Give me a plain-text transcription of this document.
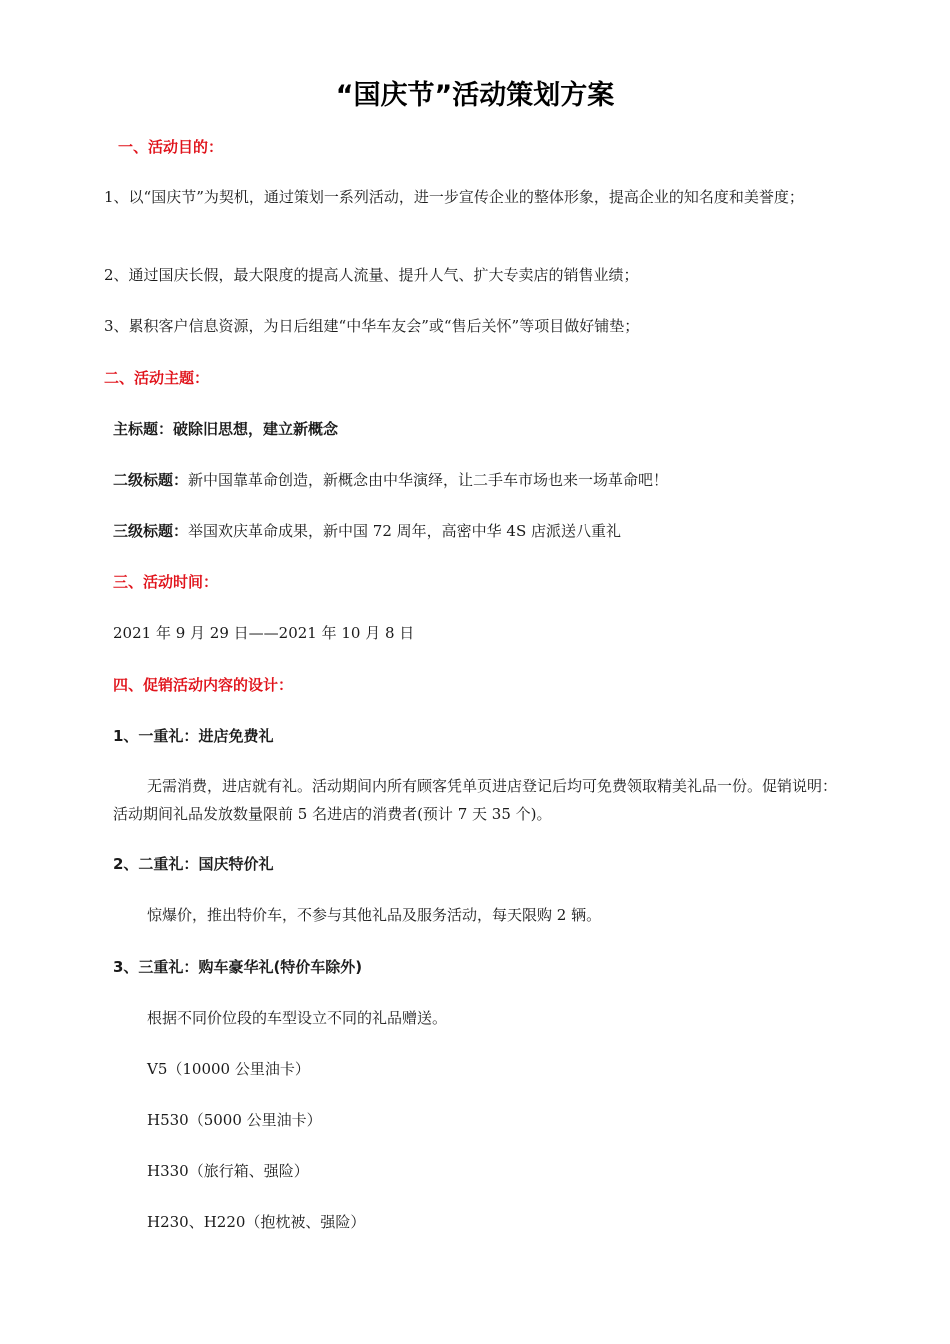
“国庆节”活动策划方案
一、活动目的：
1、以“国庆节”为契机，通过策划一系列活动，进一步宣传企业的整体形象，提高企业的知名度和美誉度；
2、通过国庆长假，最大限度的提高人流量、提升人气、扩大专卖店的销售业绩；
3、累积客户信息资源，为日后组建“中华车友会”或“售后关怀”等项目做好铺垫；
二、活动主题：
主标题：破除旧思想，建立新概念
二级标题：新中国靠革命创造，新概念由中华演绎，让二手车市场也来一场革命吧！
三级标题：举国欢庆革命成果，新中国 72 周年，高密中华 4S 店派送八重礼
三、活动时间：
2021 年 9 月 29 日——2021 年 10 月 8 日
四、促销活动内容的设计：
1、一重礼：进店免费礼
无需消费，进店就有礼。活动期间内所有顾客凭单页进店登记后均可免费领取精美礼品一份。促销说明：活动期间礼品发放数量限前 5 名进店的消费者(预计 7 天 35 个)。
2、二重礼：国庆特价礼
惊爆价，推出特价车，不参与其他礼品及服务活动，每天限购 2 辆。
3、三重礼：购车豪华礼(特价车除外)
根据不同价位段的车型设立不同的礼品赠送。
V5（10000 公里油卡）
H530（5000 公里油卡）
H330（旅行箱、强险）
H230、H220（抱枕被、强险）
